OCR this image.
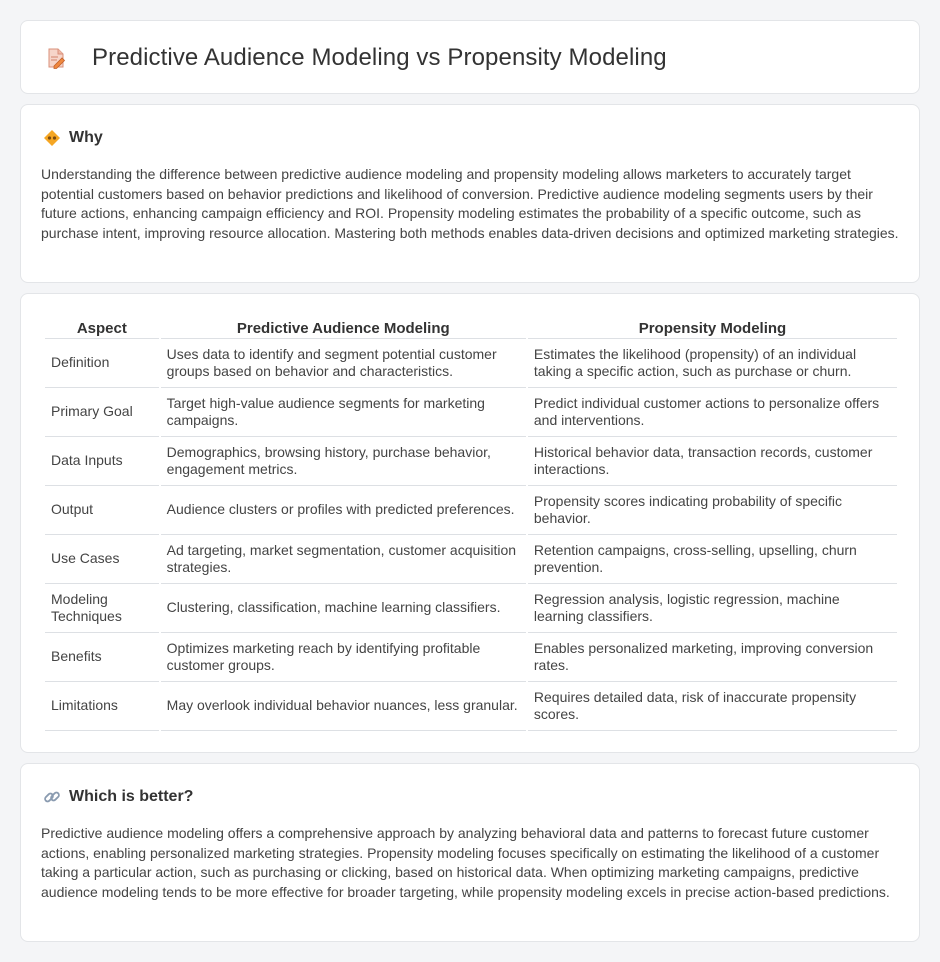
Predictive Audience Modeling vs Propensity Modeling
Why

Understanding the difference between predictive audience modeling and propensity modeling allows marketers to accurately target potential customers based on behavior predictions and likelihood of conversion. Predictive audience modeling segments users by their future actions, enhancing campaign efficiency and ROI. Propensity modeling estimates the probability of a specific outcome, such as purchase intent, improving resource allocation. Mastering both methods enables data-driven decisions and optimized marketing strategies.

Aspect	Predictive Audience Modeling	Propensity Modeling
Definition	Uses data to identify and segment potential customer groups based on behavior and characteristics.	Estimates the likelihood (propensity) of an individual taking a specific action, such as purchase or churn.
Primary Goal	Target high-value audience segments for marketing campaigns.	Predict individual customer actions to personalize offers and interventions.
Data Inputs	Demographics, browsing history, purchase behavior, engagement metrics.	Historical behavior data, transaction records, customer interactions.
Output	Audience clusters or profiles with predicted preferences.	Propensity scores indicating probability of specific behavior.
Use Cases	Ad targeting, market segmentation, customer acquisition strategies.	Retention campaigns, cross-selling, upselling, churn prevention.
Modeling Techniques	Clustering, classification, machine learning classifiers.	Regression analysis, logistic regression, machine learning classifiers.
Benefits	Optimizes marketing reach by identifying profitable customer groups.	Enables personalized marketing, improving conversion rates.
Limitations	May overlook individual behavior nuances, less granular.	Requires detailed data, risk of inaccurate propensity scores.
Which is better?

Predictive audience modeling offers a comprehensive approach by analyzing behavioral data and patterns to forecast future customer actions, enabling personalized marketing strategies. Propensity modeling focuses specifically on estimating the likelihood of a customer taking a particular action, such as purchasing or clicking, based on historical data. When optimizing marketing campaigns, predictive audience modeling tends to be more effective for broader targeting, while propensity modeling excels in precise action-based predictions.
